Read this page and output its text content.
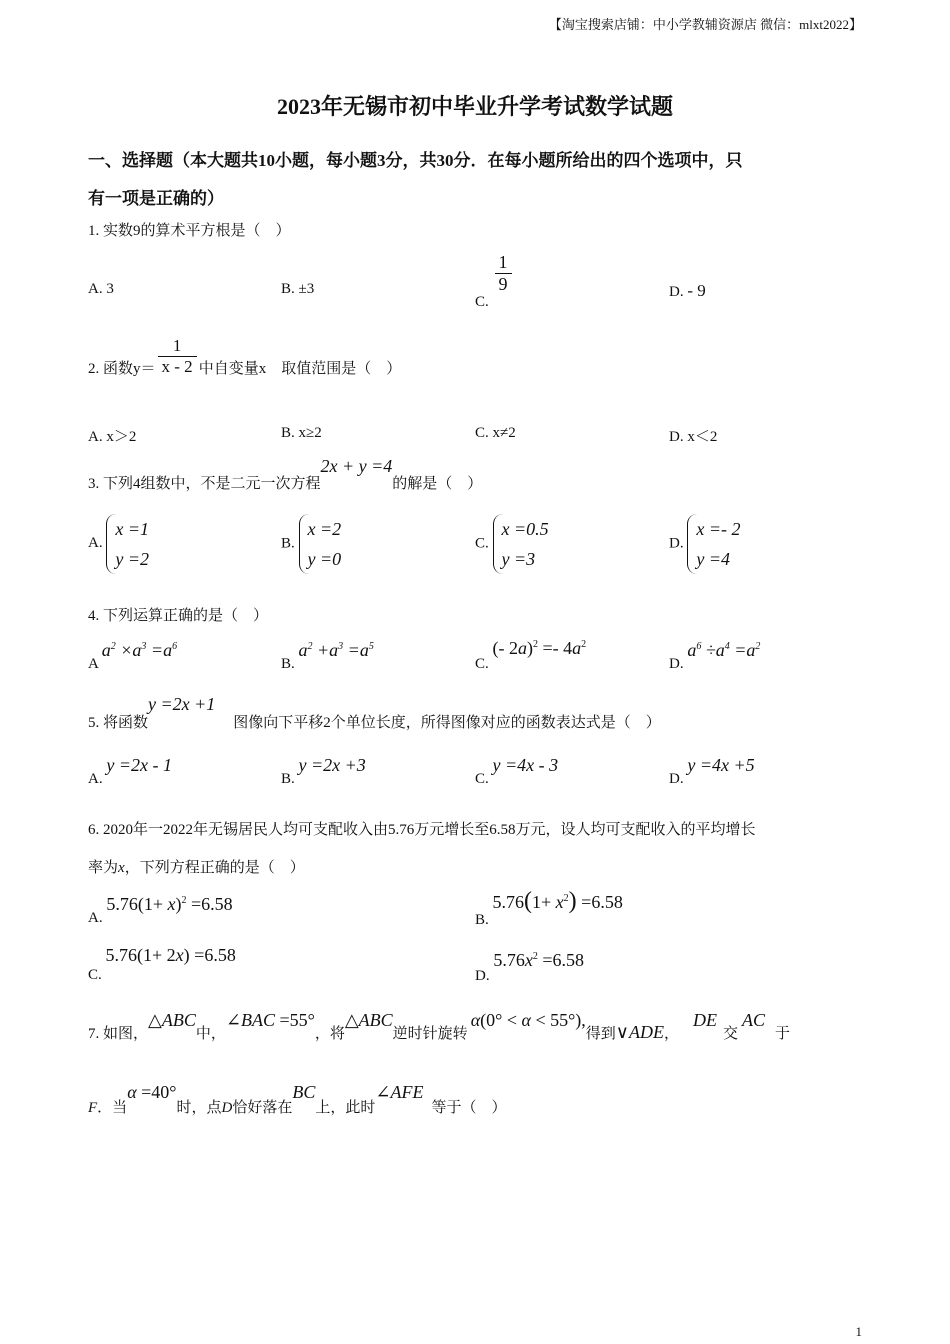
【淘宝搜索店铺：中小学教辅资源店 微信：mlxt2022】
2023年无锡市初中毕业升学考试数学试题
一、选择题（本大题共10小题，每小题3分，共30分．在每小题所给出的四个选项中，只
有一项是正确的）
1. 实数9的算术平方根是（　）
A. 3	B. ±3
C.
$\frac{1}{9}$	D. - 9
2. 函数$y= \frac{1}{x - 2}$ 中自变量x　取值范围是（　）
A. x＞2	B. x≥2	C. x≠2	D. x＜2
3. 下列4组数中，不是二元一次方程2x + y =4的解是（　）
A.
x =1
y =2
B.
x =2
y =0
C.
x =0.5
y =3
D.
x =- 2
y =4
4. 下列运算正确的是（　）
A $a^2 \times a^3 =a^6$
B. $a^2 +a^3 =a^5$
C. (- $2a)^2 =- 4a^2$
D. $a^6 \div a^4 =a^2$
5. 将函数y =2x +1图像向下平移2个单位长度，所得图像对应的函数表达式是（　）
A. y =2x - 1
B. y =2x +3
C. y =4x - 3
D. y =4x +5
6. 2020年一2022年无锡居民人均可支配收入由5.76万元增长至6.58万元，设人均可支配收入的平均增长
率为x，下列方程正确的是（　）
A. $5.76(1+ x)^2 =6.58$
B. $5.76(1+ x^2) =6.58$
C. 5.76(1+ 2x) =6.58
D. $5.76x^2 =6.58$
7. 如图，△ABC中，∠BAC =55°，将△ABC逆时针旋转α(0° < α < 55°),得到∨ADE，DE交AC于
F．当α =40°时，点D恰好落在BC上，此时∠AFE等于（　）
1
